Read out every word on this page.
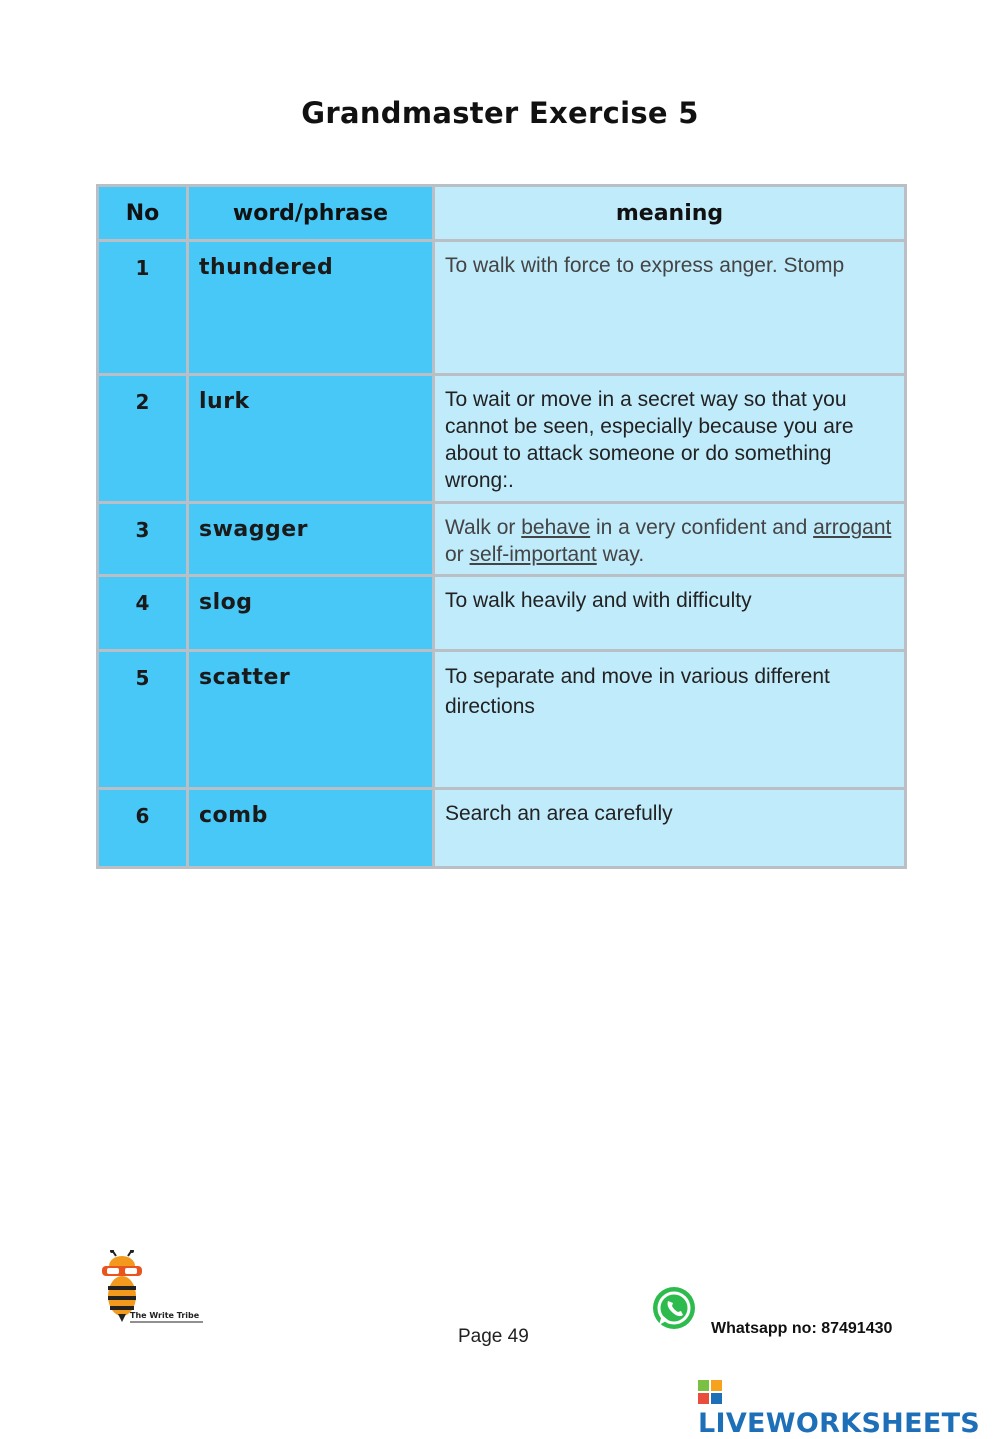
Grandmaster Exercise 5
No	word/phrase	meaning
1	thundered	To walk with force to express anger. Stomp
2	lurk	To wait or move in a secret way so that you cannot be seen, especially because you are about to attack someone or do something wrong:.
3	swagger	Walk or behave in a very confident and arrogant or self-important way.
4	slog	To walk heavily and with difficulty
5	scatter	To separate and move in various different directions
6	comb	Search an area carefully
The Write Tribe
Page 49	Whatsapp no: 87491430
LIVEWORKSHEETS
